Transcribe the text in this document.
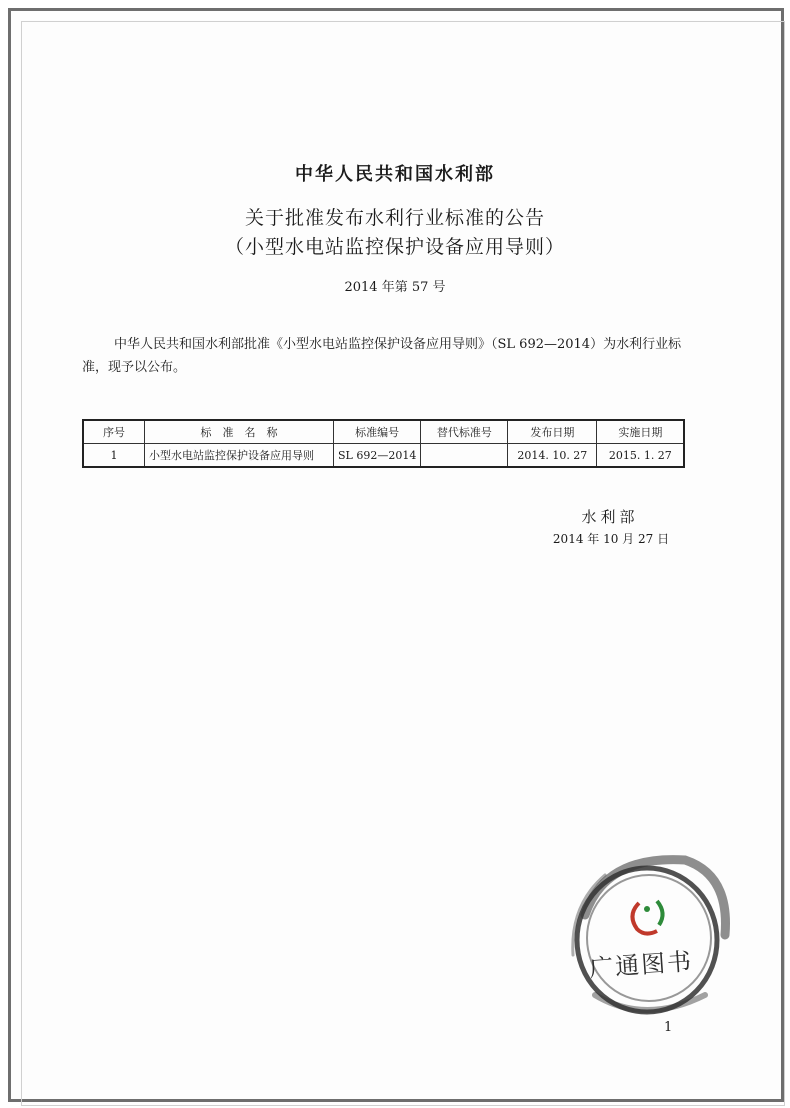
中华人民共和国水利部
关于批准发布水利行业标准的公告
（小型水电站监控保护设备应用导则）
2014 年第 57 号
中华人民共和国水利部批准《小型水电站监控保护设备应用导则》（SL 692—2014）为水利行业标准，现予以公布。
序号	标　准　名　称	标准编号	替代标准号	发布日期	实施日期
1	小型水电站监控保护设备应用导则	SL 692—2014		2014. 10. 27	2015. 1. 27
水利部
2014 年 10 月 27 日
广通图书
1
